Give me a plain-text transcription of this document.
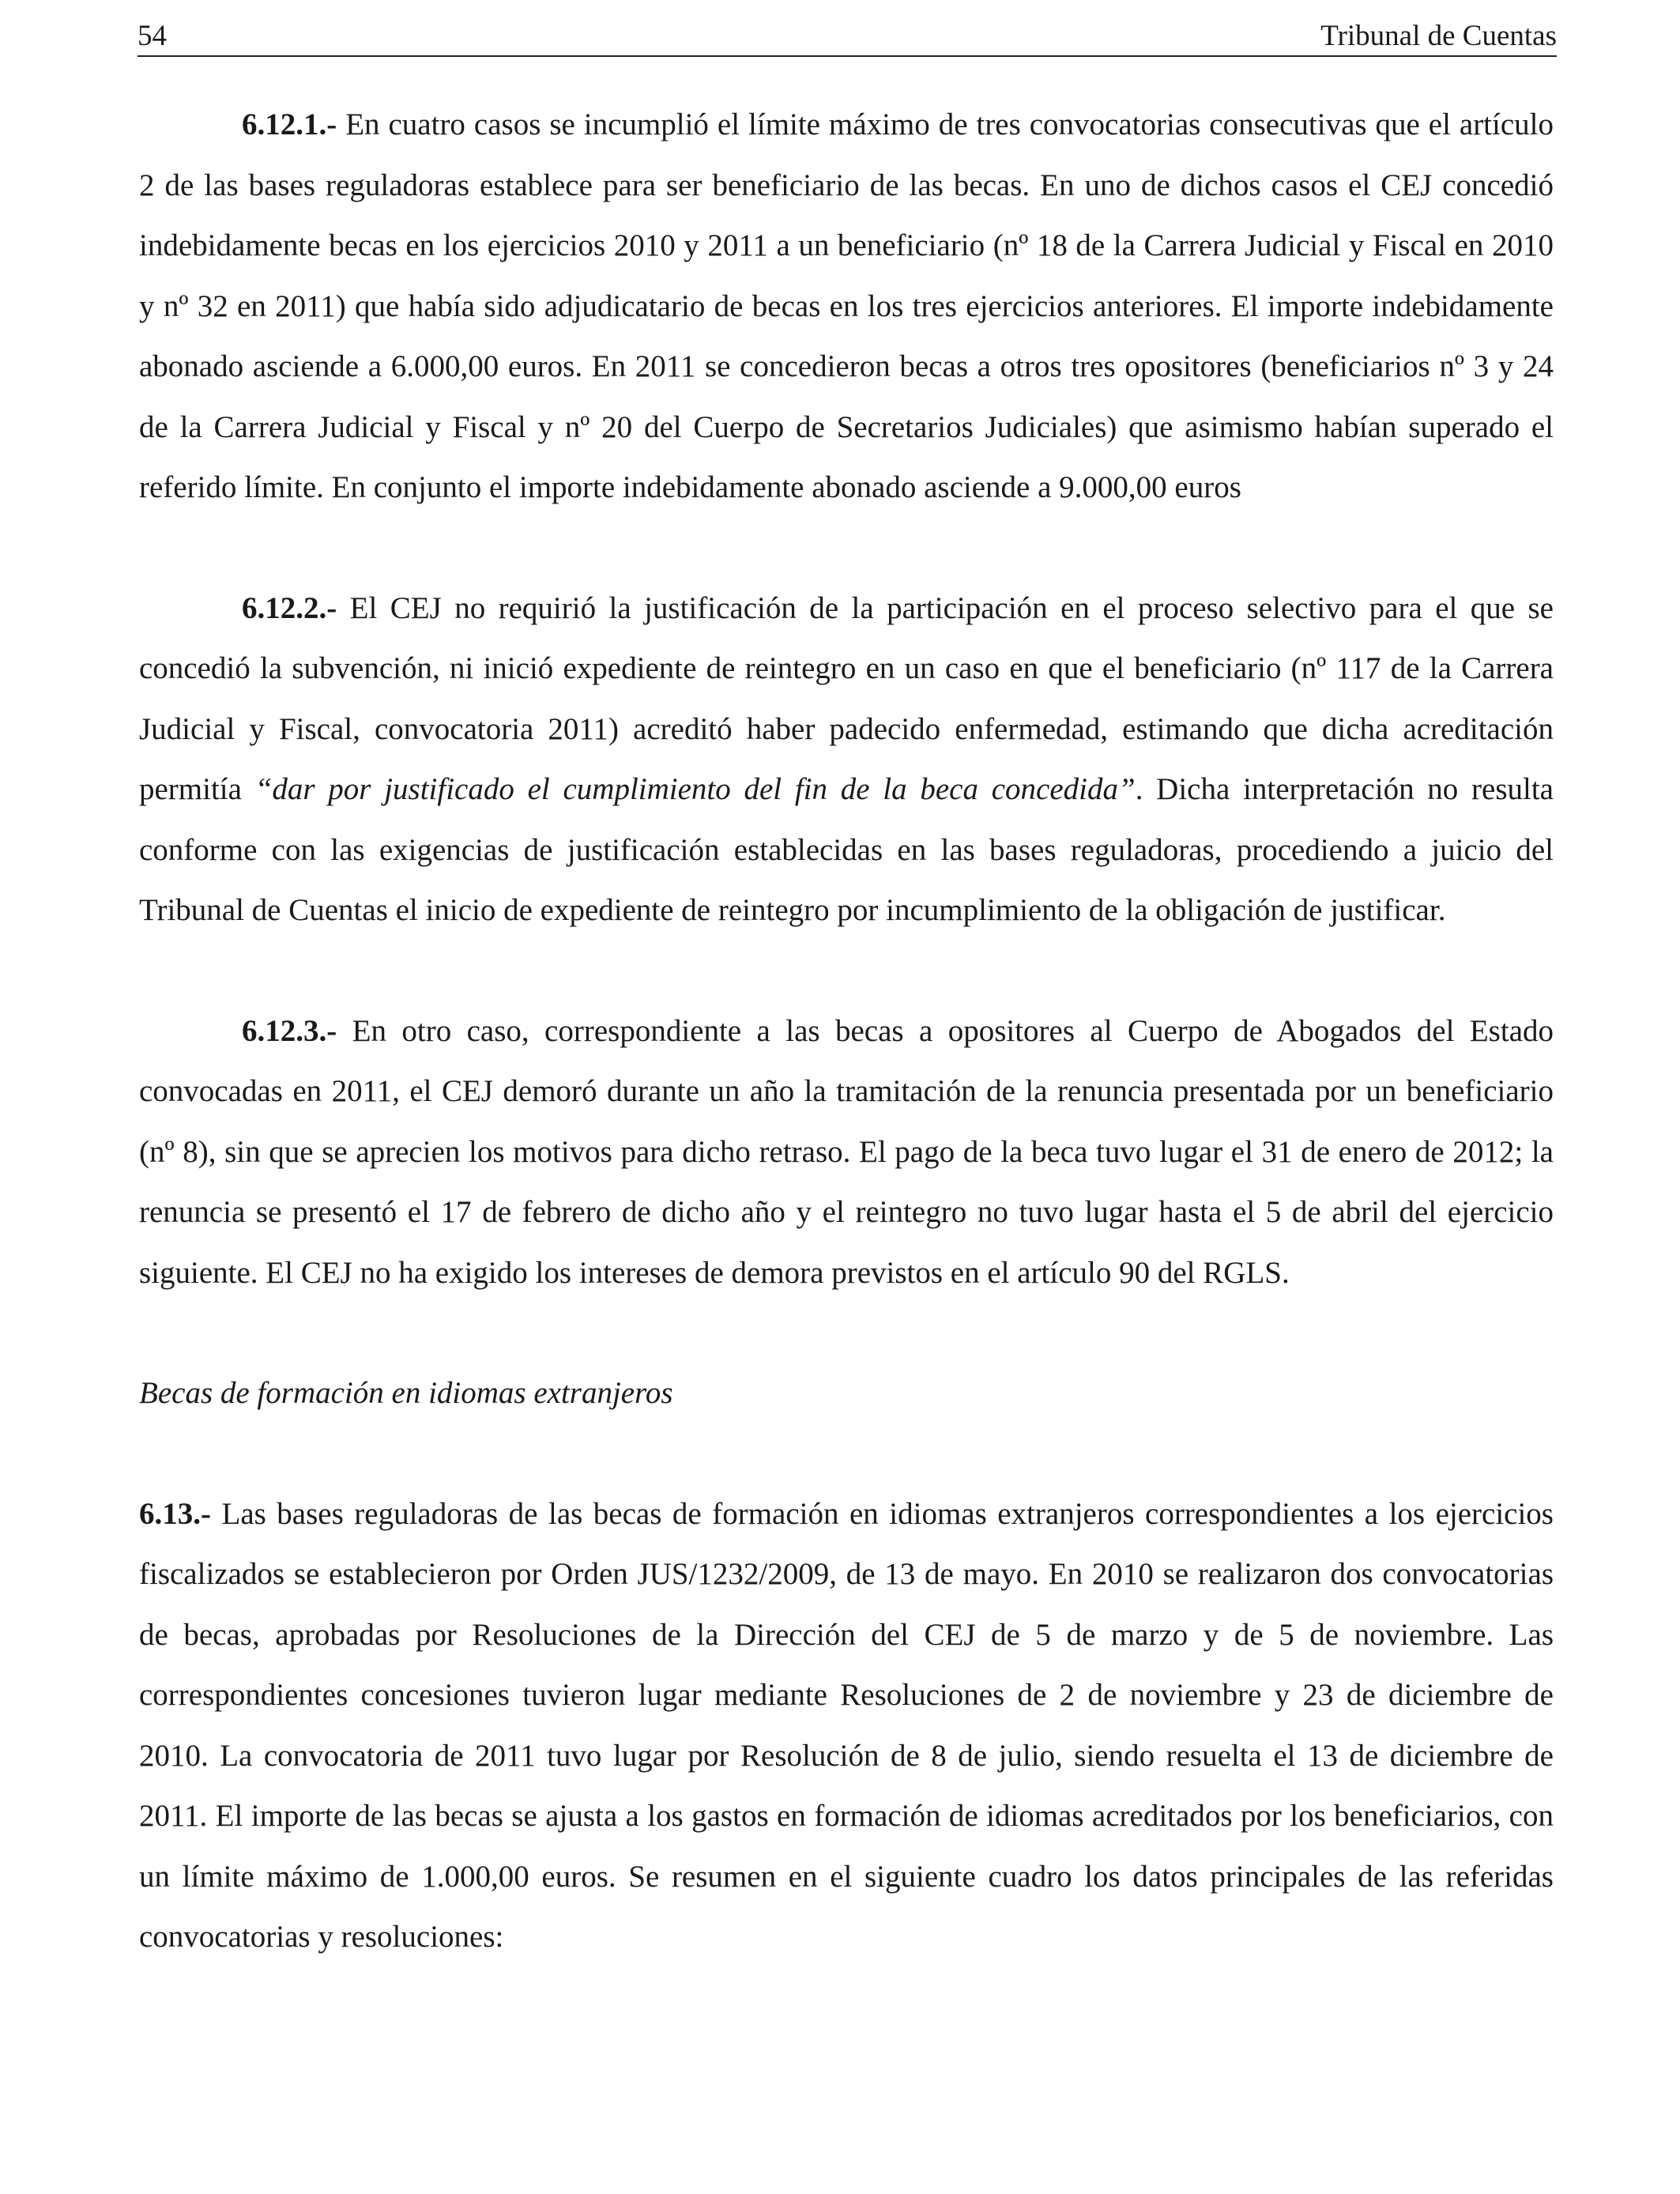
54	Tribunal de Cuentas

6.12.1.- En cuatro casos se incumplió el límite máximo de tres convocatorias consecutivas que el artículo 2 de las bases reguladoras establece para ser beneficiario de las becas. En uno de dichos casos el CEJ concedió indebidamente becas en los ejercicios 2010 y 2011 a un beneficiario (nº 18 de la Carrera Judicial y Fiscal en 2010 y nº 32 en 2011) que había sido adjudicatario de becas en los tres ejercicios anteriores. El importe indebidamente abonado asciende a 6.000,00 euros. En 2011 se concedieron becas a otros tres opositores (beneficiarios nº 3 y 24 de la Carrera Judicial y Fiscal y nº 20 del Cuerpo de Secretarios Judiciales) que asimismo habían superado el referido límite. En conjunto el importe indebidamente abonado asciende a 9.000,00 euros

6.12.2.- El CEJ no requirió la justificación de la participación en el proceso selectivo para el que se concedió la subvención, ni inició expediente de reintegro en un caso en que el beneficiario (nº 117 de la Carrera Judicial y Fiscal, convocatoria 2011) acreditó haber padecido enfermedad, estimando que dicha acreditación permitía “dar por justificado el cumplimiento del fin de la beca concedida”. Dicha interpretación no resulta conforme con las exigencias de justificación establecidas en las bases reguladoras, procediendo a juicio del Tribunal de Cuentas el inicio de expediente de reintegro por incumplimiento de la obligación de justificar.

6.12.3.- En otro caso, correspondiente a las becas a opositores al Cuerpo de Abogados del Estado convocadas en 2011, el CEJ demoró durante un año la tramitación de la renuncia presentada por un beneficiario (nº 8), sin que se aprecien los motivos para dicho retraso. El pago de la beca tuvo lugar el 31 de enero de 2012; la renuncia se presentó el 17 de febrero de dicho año y el reintegro no tuvo lugar hasta el 5 de abril del ejercicio siguiente. El CEJ no ha exigido los intereses de demora previstos en el artículo 90 del RGLS.

Becas de formación en idiomas extranjeros

6.13.- Las bases reguladoras de las becas de formación en idiomas extranjeros correspondientes a los ejercicios fiscalizados se establecieron por Orden JUS/1232/2009, de 13 de mayo. En 2010 se realizaron dos convocatorias de becas, aprobadas por Resoluciones de la Dirección del CEJ de 5 de marzo y de 5 de noviembre. Las correspondientes concesiones tuvieron lugar mediante Resoluciones de 2 de noviembre y 23 de diciembre de 2010. La convocatoria de 2011 tuvo lugar por Resolución de 8 de julio, siendo resuelta el 13 de diciembre de 2011. El importe de las becas se ajusta a los gastos en formación de idiomas acreditados por los beneficiarios, con un límite máximo de 1.000,00 euros. Se resumen en el siguiente cuadro los datos principales de las referidas convocatorias y resoluciones:
